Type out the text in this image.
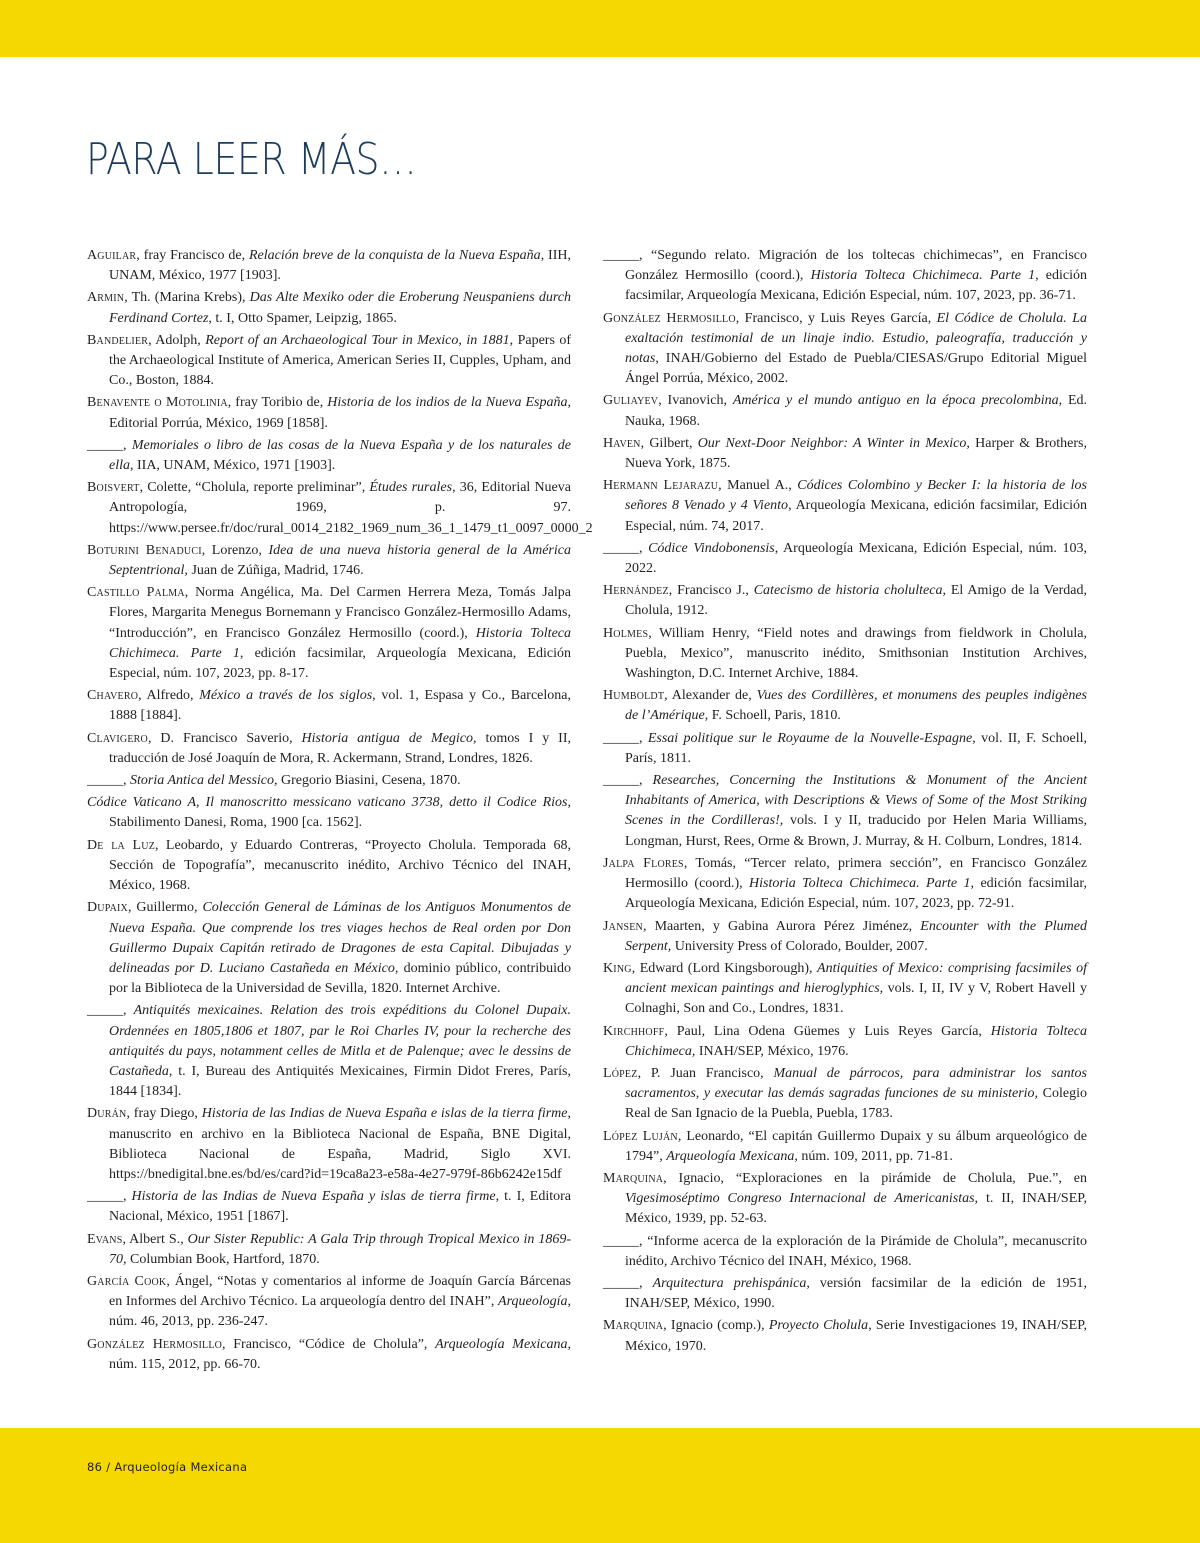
PARA LEER MÁS…

Aguilar, fray Francisco de, Relación breve de la conquista de la Nueva España, IIH, UNAM, México, 1977 [1903].

Armin, Th. (Marina Krebs), Das Alte Mexiko oder die Eroberung Neuspaniens durch Ferdinand Cortez, t. I, Otto Spamer, Leipzig, 1865.

Bandelier, Adolph, Report of an Archaeological Tour in Mexico, in 1881, Papers of the Archaeological Institute of America, American Series II, Cupples, Upham, and Co., Boston, 1884.

Benavente o Motolinia, fray Toribio de, Historia de los indios de la Nueva España, Editorial Porrúa, México, 1969 [1858].

_____, Memoriales o libro de las cosas de la Nueva España y de los naturales de ella, IIA, UNAM, México, 1971 [1903].

Boisvert, Colette, “Cholula, reporte preliminar”, Études rurales, 36, Editorial Nueva Antropología, 1969, p. 97. https://www.persee.fr/doc/rural_0014_2182_1969_num_36_1_1479_t1_0097_0000_2

Boturini Benaduci, Lorenzo, Idea de una nueva historia general de la América Septentrional, Juan de Zúñiga, Madrid, 1746.

Castillo Palma, Norma Angélica, Ma. Del Carmen Herrera Meza, Tomás Jalpa Flores, Margarita Menegus Bornemann y Francisco González-Hermosillo Adams, “Introducción”, en Francisco González Hermosillo (coord.), Historia Tolteca Chichimeca. Parte 1, edición facsimilar, Arqueología Mexicana, Edición Especial, núm. 107, 2023, pp. 8-17.

Chavero, Alfredo, México a través de los siglos, vol. 1, Espasa y Co., Barcelona, 1888 [1884].

Clavigero, D. Francisco Saverio, Historia antigua de Megico, tomos I y II, traducción de José Joaquín de Mora, R. Ackermann, Strand, Londres, 1826.

_____, Storia Antica del Messico, Gregorio Biasini, Cesena, 1870.

Códice Vaticano A, Il manoscritto messicano vaticano 3738, detto il Codice Rios, Stabilimento Danesi, Roma, 1900 [ca. 1562].

De la Luz, Leobardo, y Eduardo Contreras, “Proyecto Cholula. Temporada 68, Sección de Topografía”, mecanuscrito inédito, Archivo Técnico del INAH, México, 1968.

Dupaix, Guillermo, Colección General de Láminas de los Antiguos Monumentos de Nueva España. Que comprende los tres viages hechos de Real orden por Don Guillermo Dupaix Capitán retirado de Dragones de esta Capital. Dibujadas y delineadas por D. Luciano Castañeda en México, dominio público, contribuido por la Biblioteca de la Universidad de Sevilla, 1820. Internet Archive.

_____, Antiquités mexicaines. Relation des trois expéditions du Colonel Dupaix. Ordennées en 1805,1806 et 1807, par le Roi Charles IV, pour la recherche des antiquités du pays, notamment celles de Mitla et de Palenque; avec le dessins de Castañeda, t. I, Bureau des Antiquités Mexicaines, Firmin Didot Freres, París, 1844 [1834].

Durán, fray Diego, Historia de las Indias de Nueva España e islas de la tierra firme, manuscrito en archivo en la Biblioteca Nacional de España, BNE Digital, Biblioteca Nacional de España, Madrid, Siglo XVI. https://bnedigital.bne.es/bd/es/card?id=19ca8a23-e58a-4e27-979f-86b6242e15df

_____, Historia de las Indias de Nueva España y islas de tierra firme, t. I, Editora Nacional, México, 1951 [1867].

Evans, Albert S., Our Sister Republic: A Gala Trip through Tropical Mexico in 1869-70, Columbian Book, Hartford, 1870.

García Cook, Ángel, “Notas y comentarios al informe de Joaquín García Bárcenas en Informes del Archivo Técnico. La arqueología dentro del INAH”, Arqueología, núm. 46, 2013, pp. 236-247.

González Hermosillo, Francisco, “Códice de Cholula”, Arqueología Mexicana, núm. 115, 2012, pp. 66-70.

_____, “Segundo relato. Migración de los toltecas chichimecas”, en Francisco González Hermosillo (coord.), Historia Tolteca Chichimeca. Parte 1, edición facsimilar, Arqueología Mexicana, Edición Especial, núm. 107, 2023, pp. 36-71.

González Hermosillo, Francisco, y Luis Reyes García, El Códice de Cholula. La exaltación testimonial de un linaje indio. Estudio, paleografía, traducción y notas, INAH/Gobierno del Estado de Puebla/CIESAS/Grupo Editorial Miguel Ángel Porrúa, México, 2002.

Guliayev, Ivanovich, América y el mundo antiguo en la época precolombina, Ed. Nauka, 1968.

Haven, Gilbert, Our Next-Door Neighbor: A Winter in Mexico, Harper & Brothers, Nueva York, 1875.

Hermann Lejarazu, Manuel A., Códices Colombino y Becker I: la historia de los señores 8 Venado y 4 Viento, Arqueología Mexicana, edición facsimilar, Edición Especial, núm. 74, 2017.

_____, Códice Vindobonensis, Arqueología Mexicana, Edición Especial, núm. 103, 2022.

Hernández, Francisco J., Catecismo de historia cholulteca, El Amigo de la Verdad, Cholula, 1912.

Holmes, William Henry, “Field notes and drawings from fieldwork in Cholula, Puebla, Mexico”, manuscrito inédito, Smithsonian Institution Archives, Washington, D.C. Internet Archive, 1884.

Humboldt, Alexander de, Vues des Cordillères, et monumens des peuples indigènes de l’Amérique, F. Schoell, Paris, 1810.

_____, Essai politique sur le Royaume de la Nouvelle-Espagne, vol. II, F. Schoell, París, 1811.

_____, Researches, Concerning the Institutions & Monument of the Ancient Inhabitants of America, with Descriptions & Views of Some of the Most Striking Scenes in the Cordilleras!, vols. I y II, traducido por Helen Maria Williams, Longman, Hurst, Rees, Orme & Brown, J. Murray, & H. Colburn, Londres, 1814.

Jalpa Flores, Tomás, “Tercer relato, primera sección”, en Francisco González Hermosillo (coord.), Historia Tolteca Chichimeca. Parte 1, edición facsimilar, Arqueología Mexicana, Edición Especial, núm. 107, 2023, pp. 72-91.

Jansen, Maarten, y Gabina Aurora Pérez Jiménez, Encounter with the Plumed Serpent, University Press of Colorado, Boulder, 2007.

King, Edward (Lord Kingsborough), Antiquities of Mexico: comprising facsimiles of ancient mexican paintings and hieroglyphics, vols. I, II, IV y V, Robert Havell y Colnaghi, Son and Co., Londres, 1831.

Kirchhoff, Paul, Lina Odena Güemes y Luis Reyes García, Historia Tolteca Chichimeca, INAH/SEP, México, 1976.

López, P. Juan Francisco, Manual de párrocos, para administrar los santos sacramentos, y executar las demás sagradas funciones de su ministerio, Colegio Real de San Ignacio de la Puebla, Puebla, 1783.

López Luján, Leonardo, “El capitán Guillermo Dupaix y su álbum arqueológico de 1794”, Arqueología Mexicana, núm. 109, 2011, pp. 71-81.

Marquina, Ignacio, “Exploraciones en la pirámide de Cholula, Pue.”, en Vigesimoséptimo Congreso Internacional de Americanistas, t. II, INAH/SEP, México, 1939, pp. 52-63.

_____, “Informe acerca de la exploración de la Pirámide de Cholula”, mecanuscrito inédito, Archivo Técnico del INAH, México, 1968.

_____, Arquitectura prehispánica, versión facsimilar de la edición de 1951, INAH/SEP, México, 1990.

Marquina, Ignacio (comp.), Proyecto Cholula, Serie Investigaciones 19, INAH/SEP, México, 1970.

86 / Arqueología Mexicana
